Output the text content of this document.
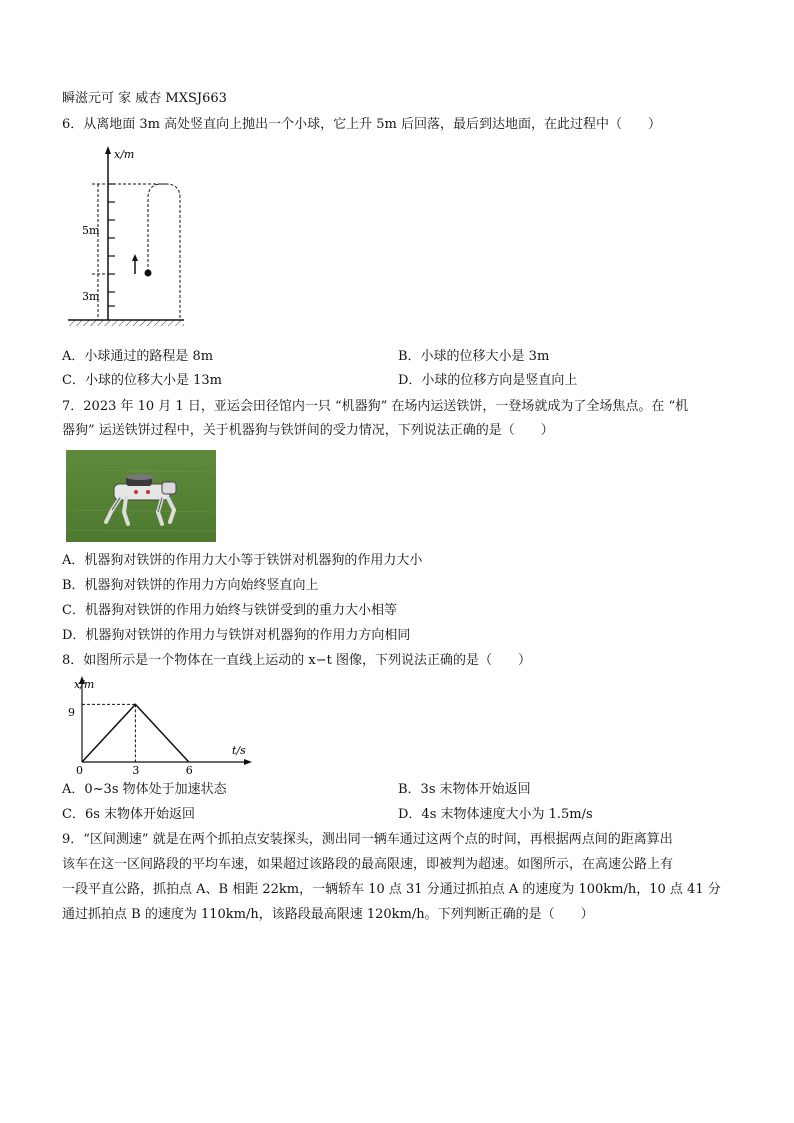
瞬滋元可 家 威杏 MXSJ663
6．从离地面 3m 高处竖直向上抛出一个小球，它上升 5m 后回落，最后到达地面，在此过程中（　　）
x/m
5m
3m
A．小球通过的路程是 8m	B．小球的位移大小是 3m
C．小球的位移大小是 13m	D．小球的位移方向是竖直向上
7．2023 年 10 月 1 日，亚运会田径馆内一只 “机器狗” 在场内运送铁饼，一登场就成为了全场焦点。在 “机
器狗” 运送铁饼过程中，关于机器狗与铁饼间的受力情况，下列说法正确的是（　　）
A．机器狗对铁饼的作用力大小等于铁饼对机器狗的作用力大小
B．机器狗对铁饼的作用力方向始终竖直向上
C．机器狗对铁饼的作用力始终与铁饼受到的重力大小相等
D．机器狗对铁饼的作用力与铁饼对机器狗的作用力方向相同
8．如图所示是一个物体在一直线上运动的 x−t 图像，下列说法正确的是（　　）
x/m
t/s
0
9
3	6
A．0~3s 物体处于加速状态	B．3s 末物体开始返回
C．6s 末物体开始返回	D．4s 末物体速度大小为 1.5m/s
9．“区间测速” 就是在两个抓拍点安装探头，测出同一辆车通过这两个点的时间，再根据两点间的距离算出
该车在这一区间路段的平均车速，如果超过该路段的最高限速，即被判为超速。如图所示，在高速公路上有
一段平直公路，抓拍点 A、B 相距 22km，一辆轿车 10 点 31 分通过抓拍点 A 的速度为 100km/h，10 点 41 分
通过抓拍点 B 的速度为 110km/h，该路段最高限速 120km/h。下列判断正确的是（　　）
